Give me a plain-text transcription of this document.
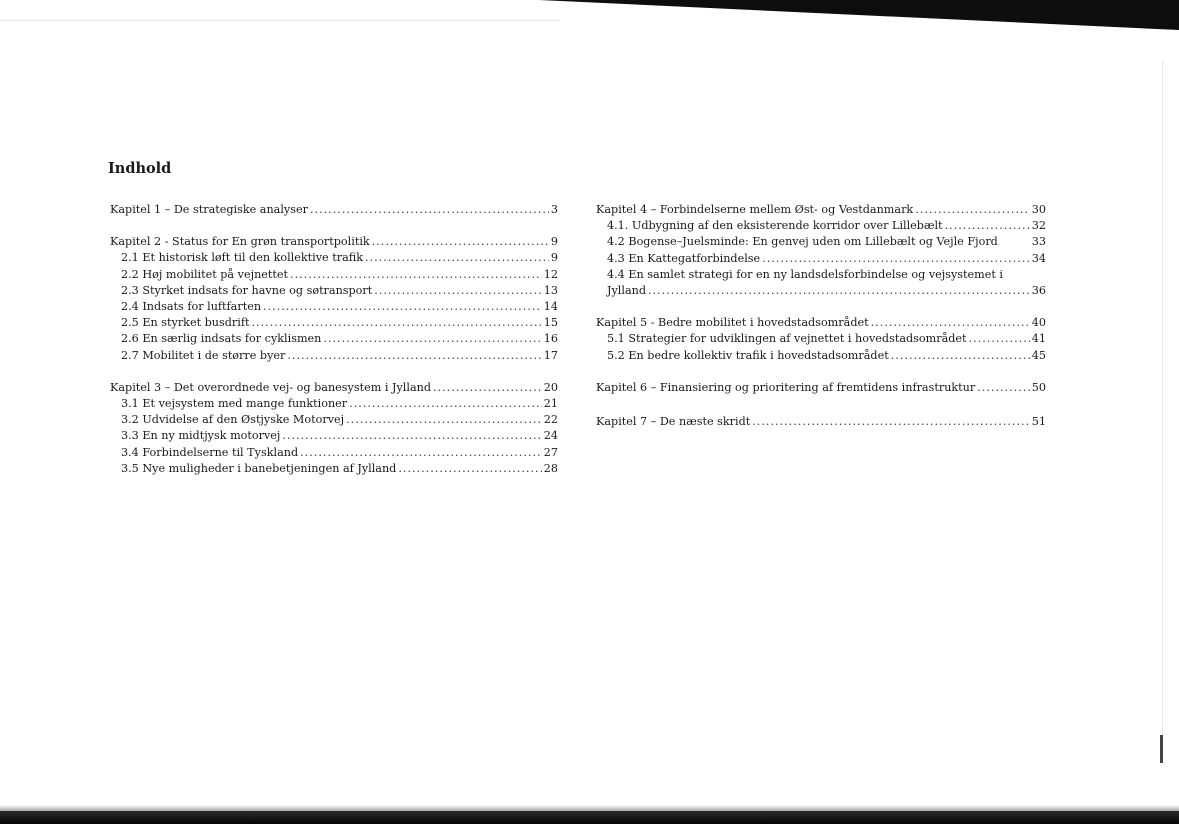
Indhold
Kapitel 1 – De strategiske analyser .....	3
Kapitel 2 - Status for En grøn transportpolitik .....	9
2.1 Et historisk løft til den kollektive trafik .....	9
2.2 Høj mobilitet på vejnettet .....	12
2.3 Styrket indsats for havne og søtransport .....	13
2.4 Indsats for luftfarten .....	14
2.5 En styrket busdrift .....	15
2.6 En særlig indsats for cyklismen .....	16
2.7 Mobilitet i de større byer .....	17
Kapitel 3 – Det overordnede vej- og banesystem i Jylland .....	20
3.1 Et vejsystem med mange funktioner .....	21
3.2 Udvidelse af den Østjyske Motorvej .....	22
3.3 En ny midtjysk motorvej .....	24
3.4 Forbindelserne til Tyskland .....	27
3.5 Nye muligheder i banebetjeningen af Jylland .....	28
Kapitel 4 – Forbindelserne mellem Øst- og Vestdanmark .....	30
4.1. Udbygning af den eksisterende korridor over Lillebælt .....	32
4.2 Bogense–Juelsminde: En genvej uden om Lillebælt og Vejle Fjord	33
4.3 En Kattegatforbindelse .....	34
4.4 En samlet strategi for en ny landsdelsforbindelse og vejsystemet i
Jylland .....	36
Kapitel 5 - Bedre mobilitet i hovedstadsområdet .....	40
5.1 Strategier for udviklingen af vejnettet i hovedstadsområdet .....	41
5.2 En bedre kollektiv trafik i hovedstadsområdet .....	45
Kapitel 6 – Finansiering og prioritering af fremtidens infrastruktur .....	50
Kapitel 7 – De næste skridt .....	51
